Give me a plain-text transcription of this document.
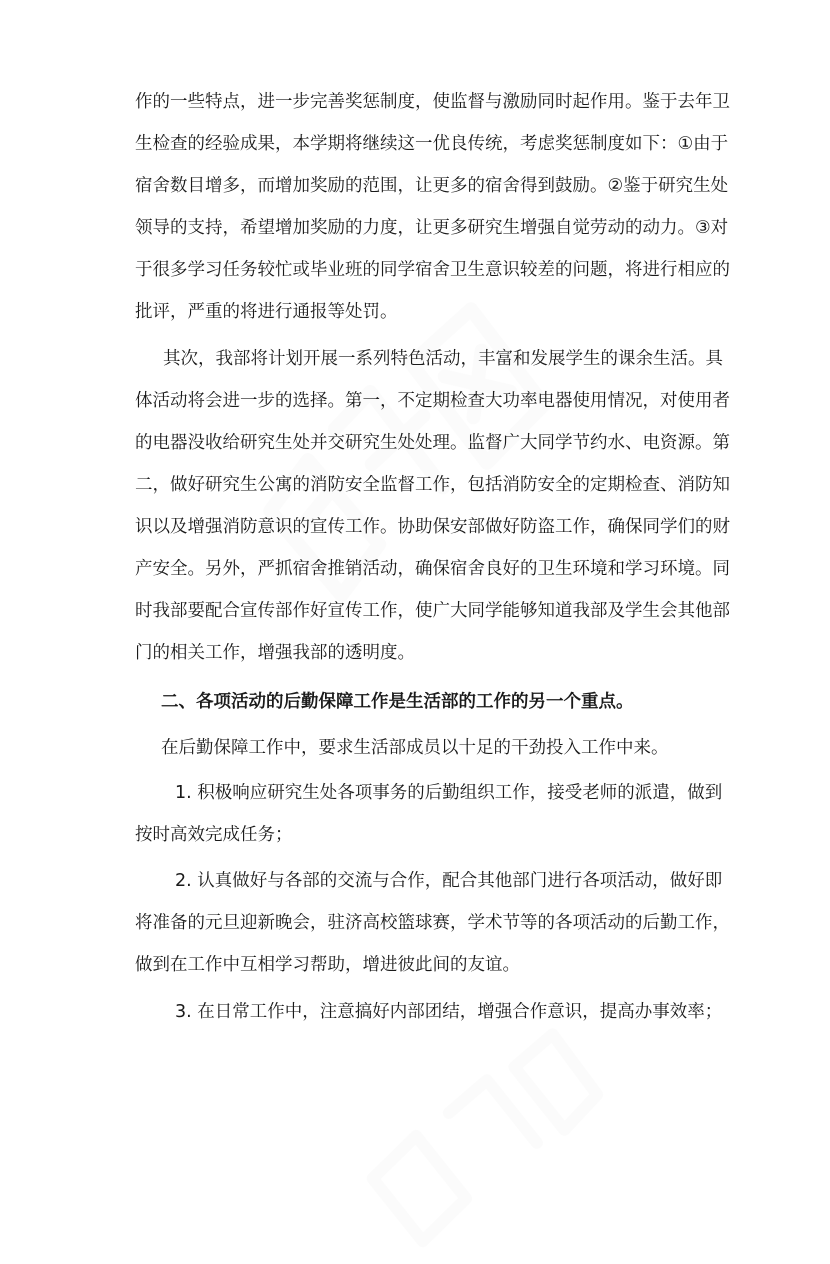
作的一些特点，进一步完善奖惩制度，使监督与激励同时起作用。鉴于去年卫
生检查的经验成果，本学期将继续这一优良传统，考虑奖惩制度如下：①由于
宿舍数目增多，而增加奖励的范围，让更多的宿舍得到鼓励。②鉴于研究生处
领导的支持，希望增加奖励的力度，让更多研究生增强自觉劳动的动力。③对
于很多学习任务较忙或毕业班的同学宿舍卫生意识较差的问题，将进行相应的
批评，严重的将进行通报等处罚。
其次，我部将计划开展一系列特色活动，丰富和发展学生的课余生活。具
体活动将会进一步的选择。第一，不定期检查大功率电器使用情况，对使用者
的电器没收给研究生处并交研究生处处理。监督广大同学节约水、电资源。第
二，做好研究生公寓的消防安全监督工作，包括消防安全的定期检查、消防知
识以及增强消防意识的宣传工作。协助保安部做好防盗工作，确保同学们的财
产安全。另外，严抓宿舍推销活动，确保宿舍良好的卫生环境和学习环境。同
时我部要配合宣传部作好宣传工作，使广大同学能够知道我部及学生会其他部
门的相关工作，增强我部的透明度。
二、各项活动的后勤保障工作是生活部的工作的另一个重点。
在后勤保障工作中，要求生活部成员以十足的干劲投入工作中来。
1. 积极响应研究生处各项事务的后勤组织工作，接受老师的派遣，做到
按时高效完成任务；
2. 认真做好与各部的交流与合作，配合其他部门进行各项活动，做好即
将准备的元旦迎新晚会，驻济高校篮球赛，学术节等的各项活动的后勤工作，
做到在工作中互相学习帮助，增进彼此间的友谊。
3. 在日常工作中，注意搞好内部团结，增强合作意识，提高办事效率；
